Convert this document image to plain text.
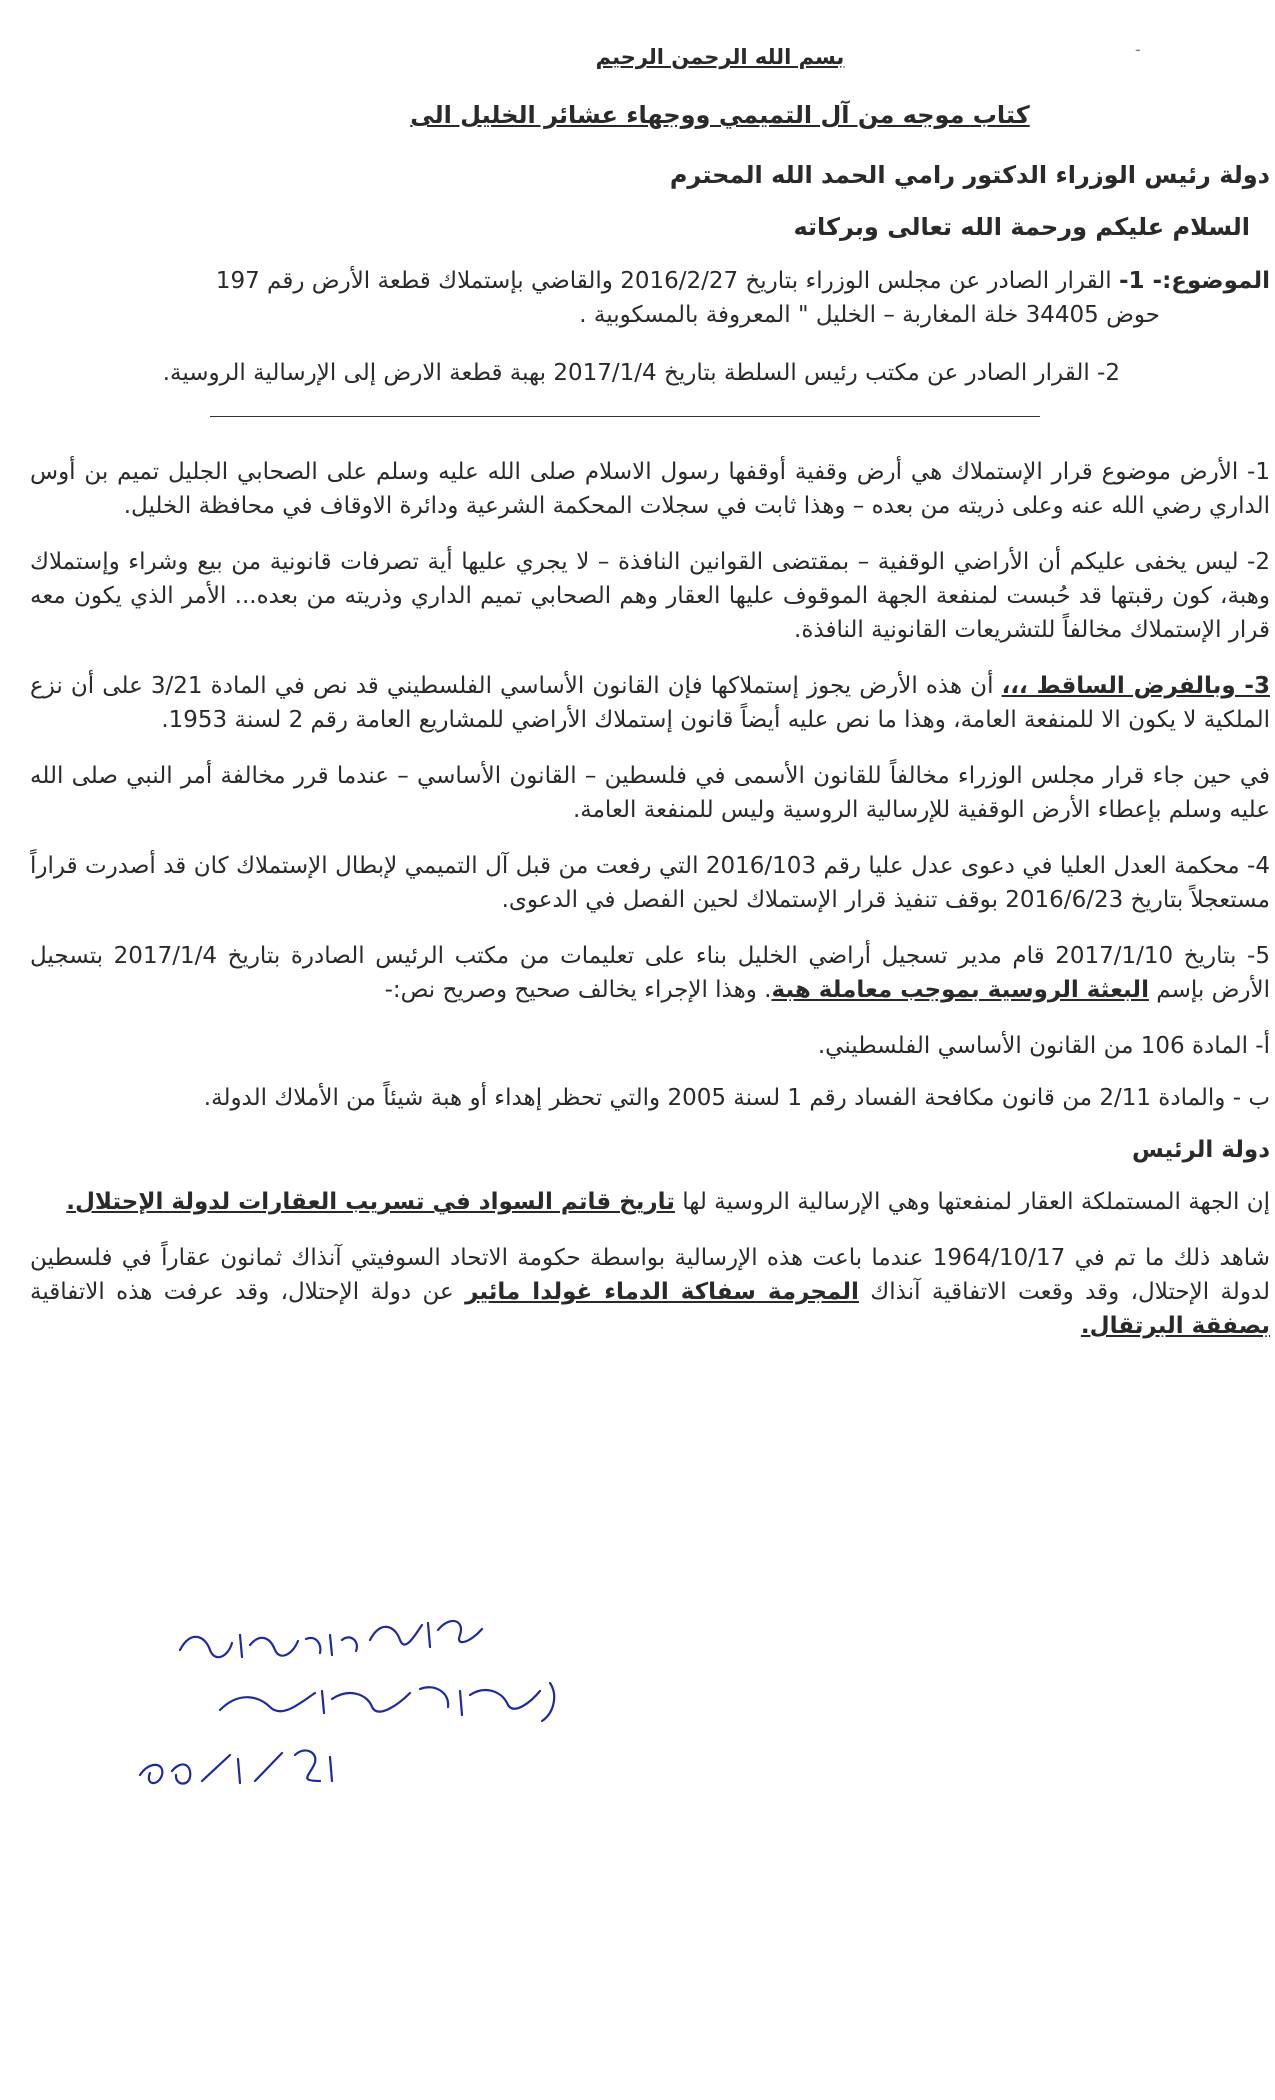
-
بسم الله الرحمن الرحيم
كتاب موجه من آل التميمي ووجهاء عشائر الخليل الى
دولة رئيس الوزراء الدكتور رامي الحمد الله المحترم
السلام عليكم ورحمة الله تعالى وبركاته
الموضوع:- 1- القرار الصادر عن مجلس الوزراء بتاريخ 2016/2/27 والقاضي بإستملاك قطعة الأرض رقم 197
حوض 34405 خلة المغاربة – الخليل " المعروفة بالمسكوبية .
2- القرار الصادر عن مكتب رئيس السلطة بتاريخ 2017/1/4 بهبة قطعة الارض إلى الإرسالية الروسية.
1- الأرض موضوع قرار الإستملاك هي أرض وقفية أوقفها رسول الاسلام صلى الله عليه وسلم على الصحابي الجليل تميم بن أوس الداري رضي الله عنه وعلى ذريته من بعده – وهذا ثابت في سجلات المحكمة الشرعية ودائرة الاوقاف في محافظة الخليل.
2- ليس يخفى عليكم أن الأراضي الوقفية – بمقتضى القوانين النافذة – لا يجري عليها أية تصرفات قانونية من بيع وشراء وإستملاك وهبة، كون رقبتها قد حُبست لمنفعة الجهة الموقوف عليها العقار وهم الصحابي تميم الداري وذريته من بعده... الأمر الذي يكون معه قرار الإستملاك مخالفاً للتشريعات القانونية النافذة.
3- وبالفرض الساقط ،،، أن هذه الأرض يجوز إستملاكها فإن القانون الأساسي الفلسطيني قد نص في المادة 3/21 على أن نزع الملكية لا يكون الا للمنفعة العامة، وهذا ما نص عليه أيضاً قانون إستملاك الأراضي للمشاريع العامة رقم 2 لسنة 1953.
في حين جاء قرار مجلس الوزراء مخالفاً للقانون الأسمى في فلسطين – القانون الأساسي – عندما قرر مخالفة أمر النبي صلى الله عليه وسلم بإعطاء الأرض الوقفية للإرسالية الروسية وليس للمنفعة العامة.
4- محكمة العدل العليا في دعوى عدل عليا رقم 2016/103 التي رفعت من قبل آل التميمي لإبطال الإستملاك كان قد أصدرت قراراً مستعجلاً بتاريخ 2016/6/23 بوقف تنفيذ قرار الإستملاك لحين الفصل في الدعوى.
5- بتاريخ 2017/1/10 قام مدير تسجيل أراضي الخليل بناء على تعليمات من مكتب الرئيس الصادرة بتاريخ 2017/1/4 بتسجيل الأرض بإسم البعثة الروسية بموجب معاملة هبة. وهذا الإجراء يخالف صحيح وصريح نص:-
أ- المادة 106 من القانون الأساسي الفلسطيني.
ب - والمادة 2/11 من قانون مكافحة الفساد رقم 1 لسنة 2005 والتي تحظر إهداء أو هبة شيئاً من الأملاك الدولة.
دولة الرئيس
إن الجهة المستملكة العقار لمنفعتها وهي الإرسالية الروسية لها تاريخ قاتم السواد في تسريب العقارات لدولة الإحتلال.
شاهد ذلك ما تم في 1964/10/17 عندما باعت هذه الإرسالية بواسطة حكومة الاتحاد السوفيتي آنذاك ثمانون عقاراً في فلسطين لدولة الإحتلال، وقد وقعت الاتفاقية آنذاك المجرمة سفاكة الدماء غولدا مائير عن دولة الإحتلال، وقد عرفت هذه الاتفاقية بصفقة البرتقال.
